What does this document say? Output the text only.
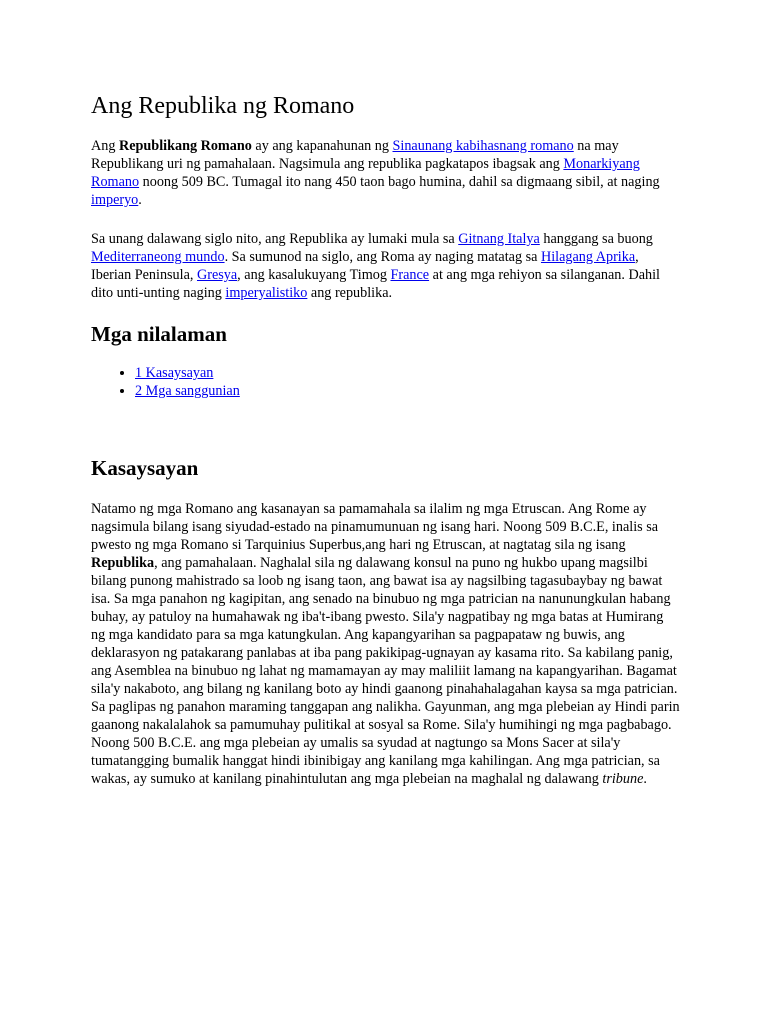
Ang Republika ng Romano

Ang Republikang Romano ay ang kapanahunan ng Sinaunang kabihasnang romano na may Republikang uri ng pamahalaan. Nagsimula ang republika pagkatapos ibagsak ang Monarkiyang Romano noong 509 BC. Tumagal ito nang 450 taon bago humina, dahil sa digmaang sibil, at naging imperyo.

Sa unang dalawang siglo nito, ang Republika ay lumaki mula sa Gitnang Italya hanggang sa buong Mediterraneong mundo. Sa sumunod na siglo, ang Roma ay naging matatag sa Hilagang Aprika, Iberian Peninsula, Gresya, ang kasalukuyang Timog France at ang mga rehiyon sa silanganan. Dahil dito unti-unting naging imperyalistiko ang republika.

Mga nilalaman
• 1 Kasaysayan
• 2 Mga sanggunian
Kasaysayan

Natamo ng mga Romano ang kasanayan sa pamamahala sa ilalim ng mga Etruscan. Ang Rome ay nagsimula bilang isang siyudad-estado na pinamumunuan ng isang hari. Noong 509 B.C.E, inalis sa pwesto ng mga Romano si Tarquinius Superbus,ang hari ng Etruscan, at nagtatag sila ng isang Republika, ang pamahalaan. Naghalal sila ng dalawang konsul na puno ng hukbo upang magsilbi bilang punong mahistrado sa loob ng isang taon, ang bawat isa ay nagsilbing tagasubaybay ng bawat isa. Sa mga panahon ng kagipitan, ang senado na binubuo ng mga patrician na nanunungkulan habang buhay, ay patuloy na humahawak ng iba't-ibang pwesto. Sila'y nagpatibay ng mga batas at Humirang ng mga kandidato para sa mga katungkulan. Ang kapangyarihan sa pagpapataw ng buwis, ang deklarasyon ng patakarang panlabas at iba pang pakikipag-ugnayan ay kasama rito. Sa kabilang panig, ang Asemblea na binubuo ng lahat ng mamamayan ay may maliliit lamang na kapangyarihan. Bagamat sila'y nakaboto, ang bilang ng kanilang boto ay hindi gaanong pinahahalagahan kaysa sa mga patrician. Sa paglipas ng panahon maraming tanggapan ang nalikha. Gayunman, ang mga plebeian ay Hindi parin gaanong nakalalahok sa pamumuhay pulitikal at sosyal sa Rome. Sila'y humihingi ng mga pagbabago. Noong 500 B.C.E. ang mga plebeian ay umalis sa syudad at nagtungo sa Mons Sacer at sila'y tumatangging bumalik hanggat hindi ibinibigay ang kanilang mga kahilingan. Ang mga patrician, sa wakas, ay sumuko at kanilang pinahintulutan ang mga plebeian na maghalal ng dalawang tribune.
